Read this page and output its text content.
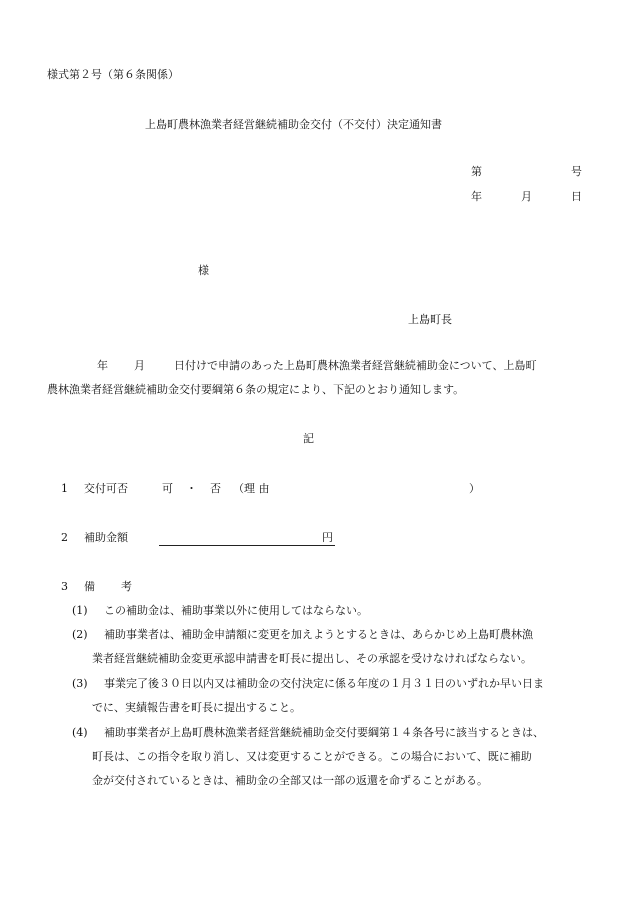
様式第２号（第６条関係）
上島町農林漁業者経営継続補助金交付（不交付）決定通知書
第	号
年	月	日
様
上島町長
年 月	日付けで申請のあった上島町農林漁業者経営継続補助金について、上島町
農林漁業者経営継続補助金交付要綱第６条の規定により、下記のとおり通知します。
記
1 交付可否	可 ・ 否 （理 由	）
2 補助金額	円
3 備 考
(1) この補助金は、補助事業以外に使用してはならない。
(2) 補助事業者は、補助金申請額に変更を加えようとするときは、あらかじめ上島町農林漁
業者経営継続補助金変更承認申請書を町長に提出し、その承認を受けなければならない。
(3) 事業完了後３０日以内又は補助金の交付決定に係る年度の１月３１日のいずれか早い日ま
でに、実績報告書を町長に提出すること。
(4) 補助事業者が上島町農林漁業者経営継続補助金交付要綱第１４条各号に該当するときは、
町長は、この指令を取り消し、又は変更することができる。この場合において、既に補助
金が交付されているときは、補助金の全部又は一部の返還を命ずることがある。
